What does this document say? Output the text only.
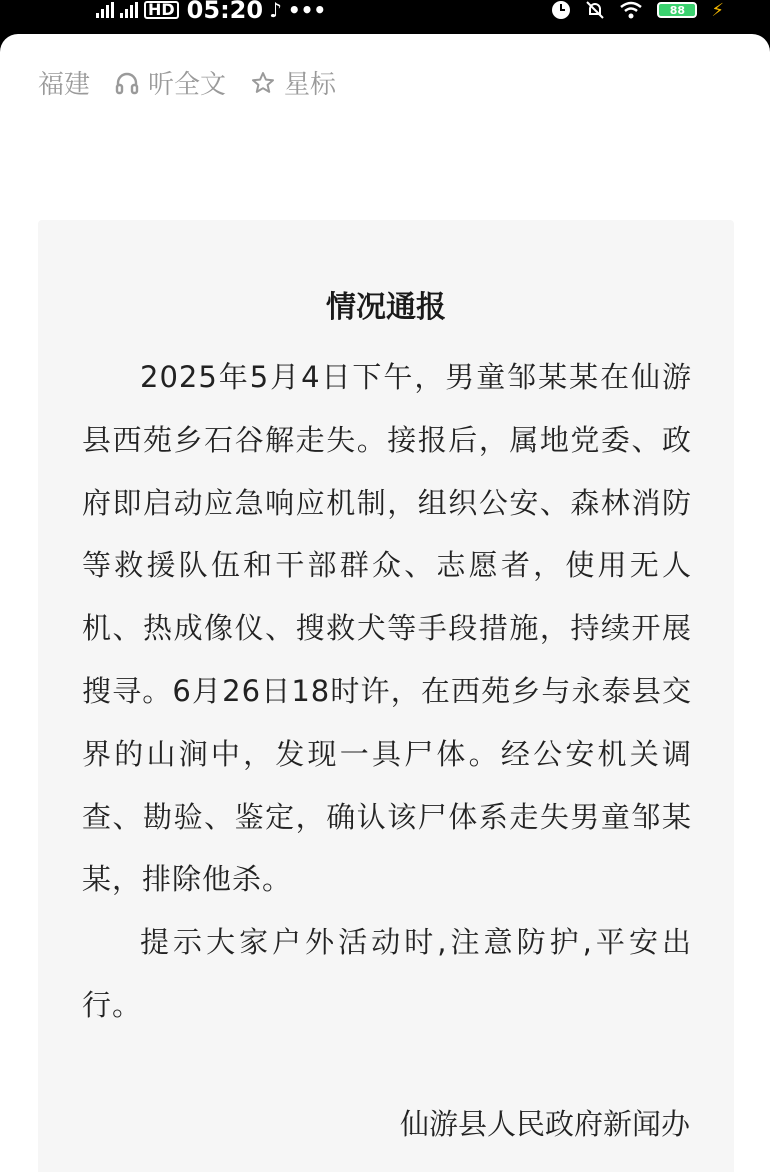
HD 05:20 ♪ •••	88 ⚡
福建 听全文 星标
情况通报

2025年5月4日下午，男童邹某某在仙游县西苑乡石谷解走失。接报后，属地党委、政府即启动应急响应机制，组织公安、森林消防等救援队伍和干部群众、志愿者，使用无人机、热成像仪、搜救犬等手段措施，持续开展搜寻。6月26日18时许，在西苑乡与永泰县交界的山涧中，发现一具尸体。经公安机关调查、勘验、鉴定，确认该尸体系走失男童邹某某，排除他杀。

提示大家户外活动时,注意防护,平安出行。

仙游县人民政府新闻办
